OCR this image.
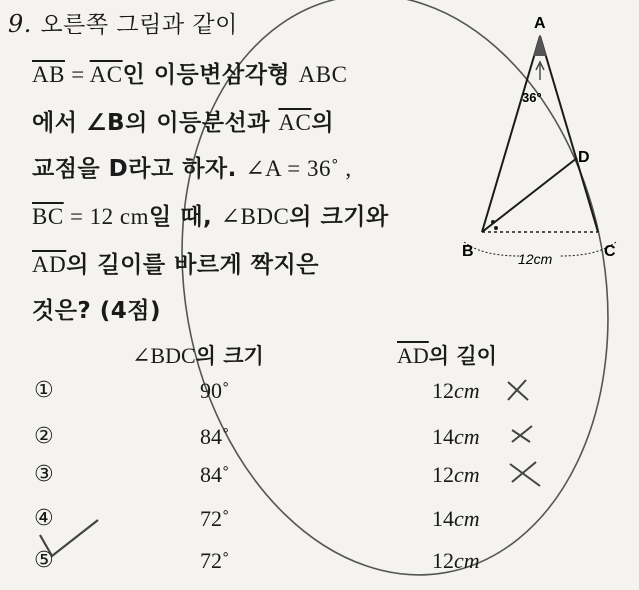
9. 오른쪽 그림과 같이
$\overline{AB} = \overline{AC}$인 이등변삼각형 ABC
에서 ∠B의 이등분선과 $\overline{AC}$의
교점을 D라고 하자. ∠A = 36˚ ,
$\overline{BC} = 12$ cm일 때, ∠BDC의 크기와
$\overline{AD}$의 길이를 바르게 짝지은
것은? (4점)
A
B	C
D
36°
12cm
∠BDC의 크기	$\overline{AD}$의 길이
①	90˚	12cm
②	84˚	14cm
③	84˚	12cm
④	72˚	14cm
⑤	72˚	12cm
